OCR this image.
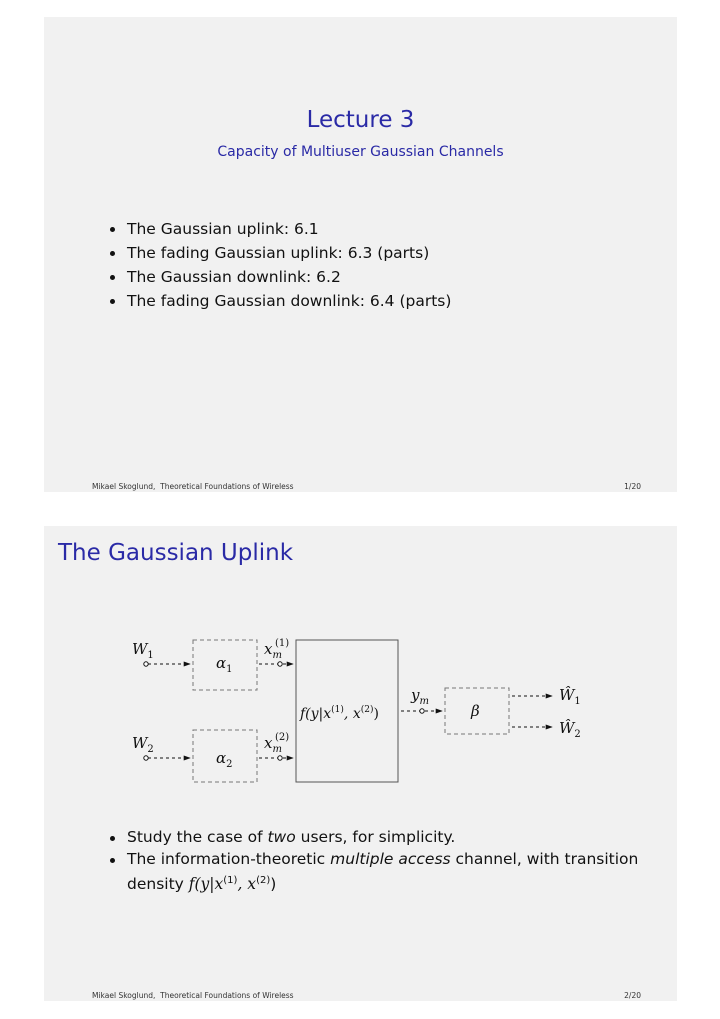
Lecture 3
Capacity of Multiuser Gaussian Channels
The Gaussian uplink: 6.1
The fading Gaussian uplink: 6.3 (parts)
The Gaussian downlink: 6.2
The fading Gaussian downlink: 6.4 (parts)
Mikael Skoglund, Theoretical Foundations of Wireless	1/20
The Gaussian Uplink
$W_1$
$W_2$
$\alpha_1$
$\alpha_2$
$x_m$
(1)
$x_m$
(2)
$f(y|x^{(1)}$, $x^{(2)}$)
$y_m$
β
$Ŵ_1$
$Ŵ_2$
Study the case of two users, for simplicity.
The information-theoretic multiple access channel, with transition density $f(y|x^{(1)}$, $x^{(2)}$)
Mikael Skoglund, Theoretical Foundations of Wireless	2/20
